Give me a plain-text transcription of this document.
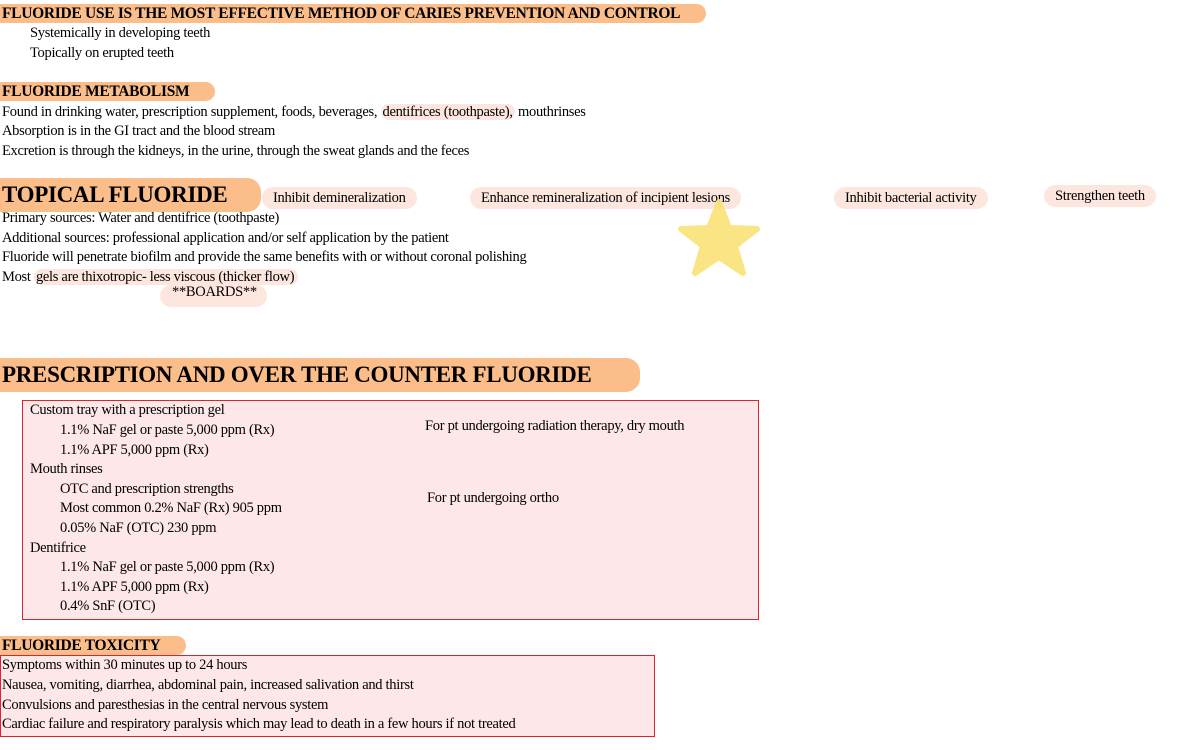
FLUORIDE USE IS THE MOST EFFECTIVE METHOD OF CARIES PREVENTION AND CONTROL
Systemically in developing teeth
Topically on erupted teeth
FLUORIDE METABOLISM
Found in drinking water, prescription supplement, foods, beverages, dentifrices (toothpaste), mouthrinses
Absorption is in the GI tract and the blood stream
Excretion is through the kidneys, in the urine, through the sweat glands and the feces
TOPICAL FLUORIDE	Inhibit demineralization	Enhance remineralization of incipient lesions	Inhibit bacterial activity	Strengthen teeth
Primary sources: Water and dentifrice (toothpaste)
Additional sources: professional application and/or self application by the patient
Fluoride will penetrate biofilm and provide the same benefits with or without coronal polishing
Most gels are thixotropic- less viscous (thicker flow)
**BOARDS**
PRESCRIPTION AND OVER THE COUNTER FLUORIDE
Custom tray with a prescription gel
1.1% NaF gel or paste 5,000 ppm (Rx)
1.1% APF 5,000 ppm (Rx)
Mouth rinses
OTC and prescription strengths
Most common 0.2% NaF (Rx) 905 ppm
0.05% NaF (OTC) 230 ppm
Dentifrice
1.1% NaF gel or paste 5,000 ppm (Rx)
1.1% APF 5,000 ppm (Rx)
0.4% SnF (OTC)
For pt undergoing radiation therapy, dry mouth
For pt undergoing ortho
FLUORIDE TOXICITY
Symptoms within 30 minutes up to 24 hours
Nausea, vomiting, diarrhea, abdominal pain, increased salivation and thirst
Convulsions and paresthesias in the central nervous system
Cardiac failure and respiratory paralysis which may lead to death in a few hours if not treated
